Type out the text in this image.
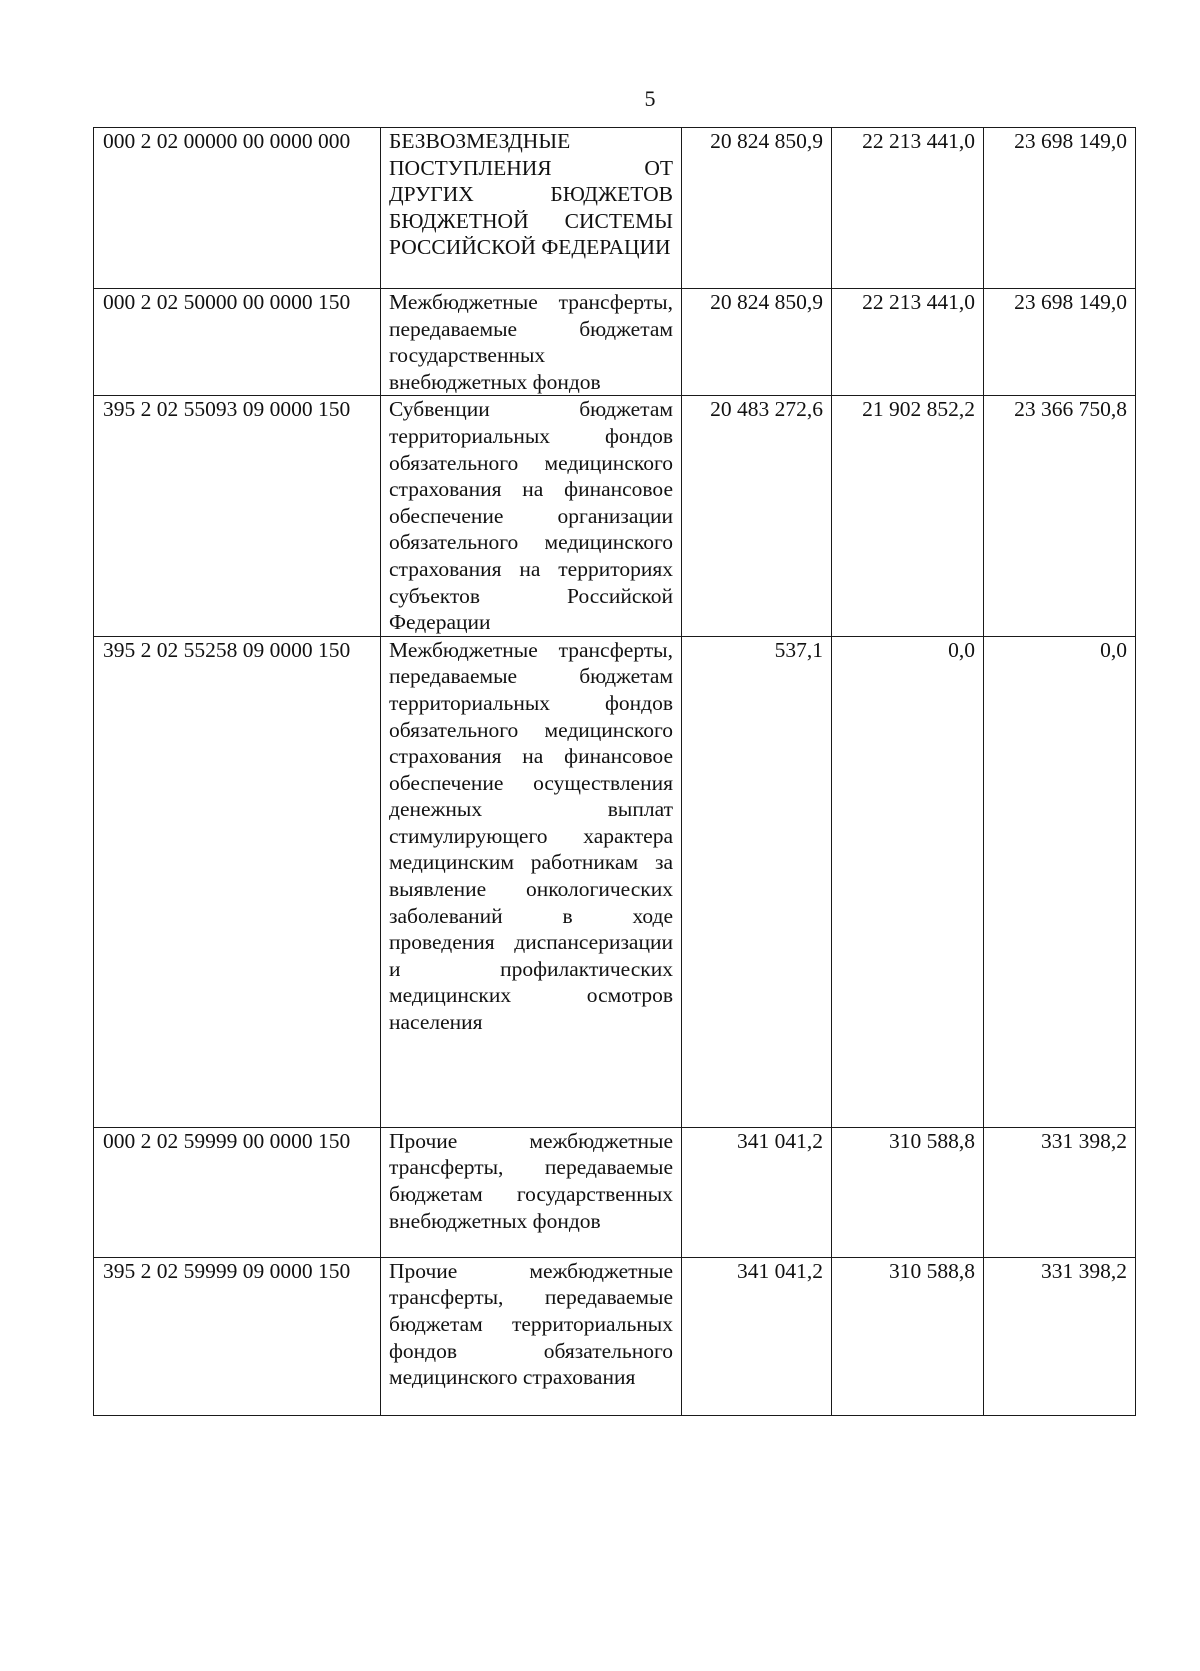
5
000 2 02 00000 00 0000 000	БЕЗВОЗМЕЗДНЫЕ ПОСТУПЛЕНИЯ ОТ ДРУГИХ БЮДЖЕТОВ БЮДЖЕТНОЙ СИСТЕМЫ РОССИЙСКОЙ ФЕДЕРАЦИИ	20 824 850,9	22 213 441,0	23 698 149,0
000 2 02 50000 00 0000 150	Межбюджетные трансферты, передаваемые бюджетам государственных внебюджетных фондов	20 824 850,9	22 213 441,0	23 698 149,0
395 2 02 55093 09 0000 150	Субвенции бюджетам территориальных фондов обязательного медицинского страхования на финансовое обеспечение организации обязательного медицинского страхования на территориях субъектов Российской Федерации	20 483 272,6	21 902 852,2	23 366 750,8
395 2 02 55258 09 0000 150	Межбюджетные трансферты, передаваемые бюджетам территориальных фондов обязательного медицинского страхования на финансовое обеспечение осуществления денежных выплат стимулирующего характера медицинским работникам за выявление онкологических заболеваний в ходе проведения диспансеризации и профилактических медицинских осмотров населения	537,1	0,0	0,0
000 2 02 59999 00 0000 150	Прочие межбюджетные трансферты, передаваемые бюджетам государственных внебюджетных фондов	341 041,2	310 588,8	331 398,2
395 2 02 59999 09 0000 150	Прочие межбюджетные трансферты, передаваемые бюджетам территориальных фондов обязательного медицинского страхования	341 041,2	310 588,8	331 398,2
